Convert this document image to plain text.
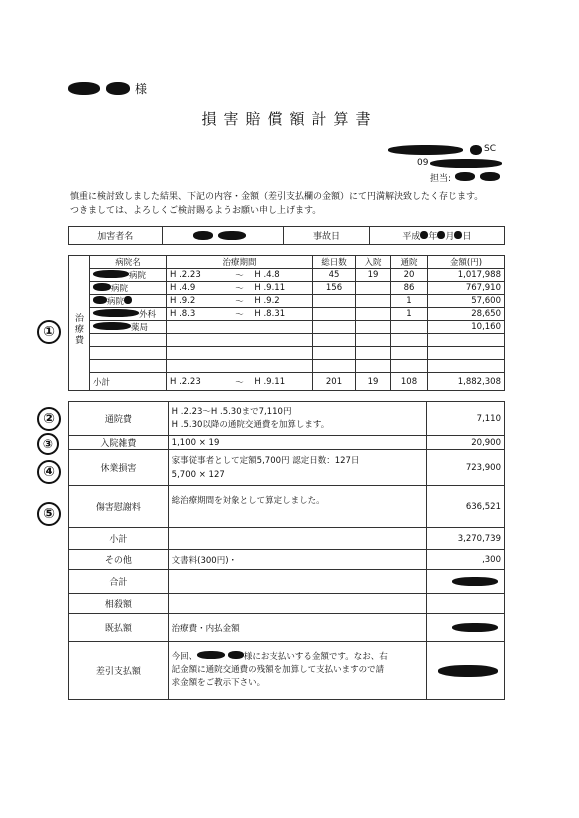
様
損害賠償額計算書
SC
09
担当:
慎重に検討致しました結果、下記の内容・金額（差引支払欄の金額）にて円満解決致したく存じます。
つきましては、よろしくご検討賜るようお願い申し上げます。
加害者名		事故日	平成 年 月 日
	病院名	治療期間			総日数	入院	通院	金額(円)

治療費	病院	H .2.23	〜	H .4.8	45	19	20	1,017,988
	病院	H .4.9	〜	H .9.11	156		86	767,910
	病院	H .9.2	〜	H .9.2			1	57,600
	外科	H .8.3	〜	H .8.31			1	28,650
	薬局							10,160

	小計	H .2.23	〜	H .9.11	201	19	108	1,882,308
通院費	H .2.23〜H .5.30まで7,110円
H .5.30以降の通院交通費を加算します。	7,110
入院雑費	1,100 × 19	20,900
休業損害	家事従事者として定額5,700円 認定日数：127日
5,700 × 127	723,900
傷害慰謝料	総治療期間を対象として算定しました。	636,521
小計		3,270,739
その他	文書料(300円)・	,300
合計		

相殺額		
既払額	治療費・内払金額	

差引支払額	今回、 様にお支払いする金額です。なお、右
記金額に通院交通費の残額を加算して支払いますので請
求金額をご教示下さい。	

①
②
③
④
⑤
